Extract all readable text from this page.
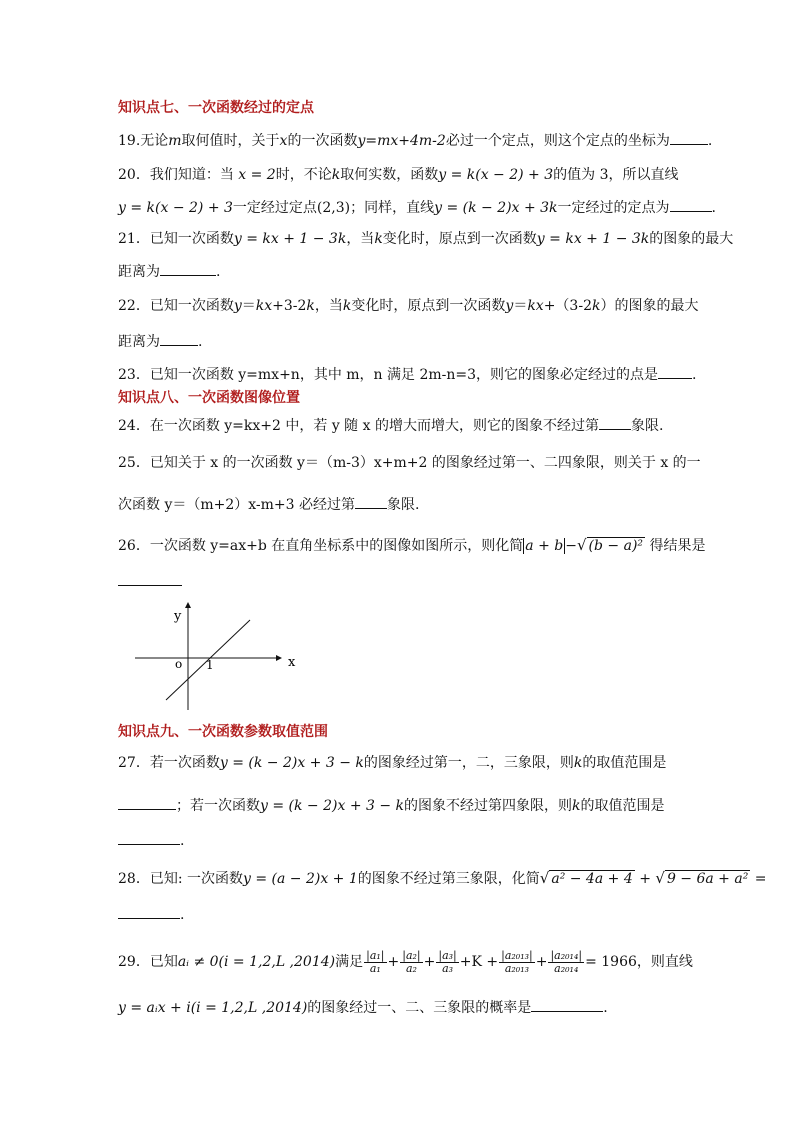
知识点七、一次函数经过的定点
19.无论m取何值时，关于x的一次函数y=mx+4m-2必过一个定点，则这个定点的坐标为	.
20．我们知道：当 x = 2时，不论k取何实数，函数y = k(x − 2) + 3的值为 3，所以直线
y = k(x − 2) + 3一定经过定点(2,3)；同样，直线y = (k − 2)x + 3k一定经过的定点为	.
21．已知一次函数y = kx + 1 − 3k，当k变化时，原点到一次函数y = kx + 1 − 3k的图象的最大
距离为	.
22．已知一次函数y＝kx+3-2k，当k变化时，原点到一次函数y＝kx+（3-2k）的图象的最大
距离为	.
23．已知一次函数 y=mx+n，其中 m，n 满足 2m-n=3，则它的图象必定经过的点是 .
知识点八、一次函数图像位置
24．在一次函数 y=kx+2 中，若 y 随 x 的增大而增大，则它的图象不经过第 象限.
25．已知关于 x 的一次函数 y＝（m-3）x+m+2 的图象经过第一、二四象限，则关于 x 的一
次函数 y＝（m+2）x-m+3 必经过第 象限.
26．一次函数 y=ax+b 在直角坐标系中的图像如图所示，则化简 a + b −√ (b − a)² 得结果是
y
x
o 1
知识点九、一次函数参数取值范围
27．若一次函数y = (k − 2)x + 3 − k的图象经过第一，二，三象限，则k的取值范围是
；若一次函数y = (k − 2)x + 3 − k的图象不经过第四象限，则k的取值范围是
.
28．已知: 一次函数y = (a − 2)x + 1的图象不经过第三象限，化简√ a² − 4a + 4 + √ 9 − 6a + a² =
.
29．已知aᵢ ≠ 0(i = 1,2,L ,2014)满足 $\frac{\text{|a₁|}}{\text{a₁}} + \frac{\text{|a₂|}}{\text{a₂}} + \frac{\text{|a₃|}}{\text{a₃}} +K + \frac{\text{|a₂₀₁₃|}}{\text{a₂₀₁₃}} + \frac{\text{|a₂₀₁₄|}}{\text{a₂₀₁₄}} = 1966$，则直线
y = aᵢx + i(i = 1,2,L ,2014)的图象经过一、二、三象限的概率是	.
